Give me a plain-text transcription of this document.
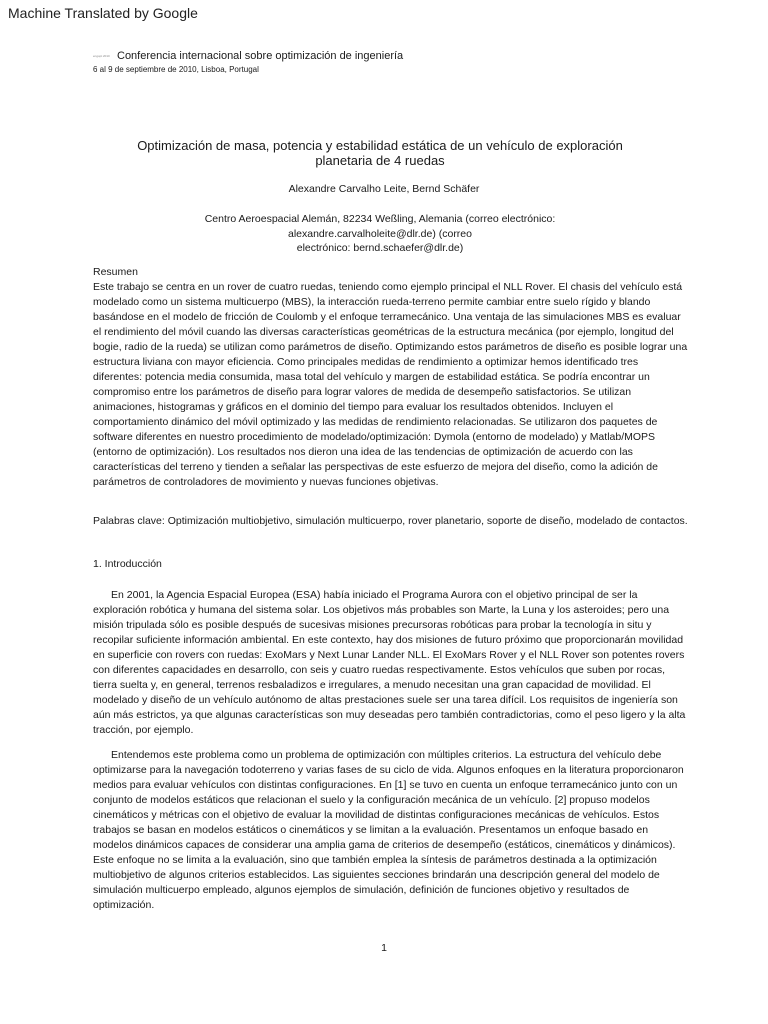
Machine Translated by Google
engopt 2010 Conferencia internacional sobre optimización de ingeniería
6 al 9 de septiembre de 2010, Lisboa, Portugal
Optimización de masa, potencia y estabilidad estática de un vehículo de exploración
planetaria de 4 ruedas
Alexandre Carvalho Leite, Bernd Schäfer
Centro Aeroespacial Alemán, 82234 Weßling, Alemania (correo electrónico:
alexandre.carvalholeite@dlr.de) (correo
electrónico: bernd.schaefer@dlr.de)

Resumen

Este trabajo se centra en un rover de cuatro ruedas, teniendo como ejemplo principal el NLL Rover. El chasis del vehículo está modelado como un sistema multicuerpo (MBS), la interacción rueda-terreno permite cambiar entre suelo rígido y blando basándose en el modelo de fricción de Coulomb y el enfoque terramecánico. Una ventaja de las simulaciones MBS es evaluar el rendimiento del móvil cuando las diversas características geométricas de la estructura mecánica (por ejemplo, longitud del bogie, radio de la rueda) se utilizan como parámetros de diseño. Optimizando estos parámetros de diseño es posible lograr una estructura liviana con mayor eficiencia. Como principales medidas de rendimiento a optimizar hemos identificado tres diferentes: potencia media consumida, masa total del vehículo y margen de estabilidad estática. Se podría encontrar un compromiso entre los parámetros de diseño para lograr valores de medida de desempeño satisfactorios. Se utilizan animaciones, histogramas y gráficos en el dominio del tiempo para evaluar los resultados obtenidos. Incluyen el comportamiento dinámico del móvil optimizado y las medidas de rendimiento relacionadas. Se utilizaron dos paquetes de software diferentes en nuestro procedimiento de modelado/optimización: Dymola (entorno de modelado) y Matlab/MOPS (entorno de optimización). Los resultados nos dieron una idea de las tendencias de optimización de acuerdo con las características del terreno y tienden a señalar las perspectivas de este esfuerzo de mejora del diseño, como la adición de parámetros de controladores de movimiento y nuevas funciones objetivas.

Palabras clave: Optimización multiobjetivo, simulación multicuerpo, rover planetario, soporte de diseño, modelado de contactos.

1. Introducción

En 2001, la Agencia Espacial Europea (ESA) había iniciado el Programa Aurora con el objetivo principal de ser la exploración robótica y humana del sistema solar. Los objetivos más probables son Marte, la Luna y los asteroides; pero una misión tripulada sólo es posible después de sucesivas misiones precursoras robóticas para probar la tecnología in situ y recopilar suficiente información ambiental. En este contexto, hay dos misiones de futuro próximo que proporcionarán movilidad en superficie con rovers con ruedas: ExoMars y Next Lunar Lander NLL. El ExoMars Rover y el NLL Rover son potentes rovers con diferentes capacidades en desarrollo, con seis y cuatro ruedas respectivamente. Estos vehículos que suben por rocas, tierra suelta y, en general, terrenos resbaladizos e irregulares, a menudo necesitan una gran capacidad de movilidad. El modelado y diseño de un vehículo autónomo de altas prestaciones suele ser una tarea difícil. Los requisitos de ingeniería son aún más estrictos, ya que algunas características son muy deseadas pero también contradictorias, como el peso ligero y la alta tracción, por ejemplo.

Entendemos este problema como un problema de optimización con múltiples criterios. La estructura del vehículo debe optimizarse para la navegación todoterreno y varias fases de su ciclo de vida. Algunos enfoques en la literatura proporcionaron medios para evaluar vehículos con distintas configuraciones. En [1] se tuvo en cuenta un enfoque terramecánico junto con un conjunto de modelos estáticos que relacionan el suelo y la configuración mecánica de un vehículo. [2] propuso modelos cinemáticos y métricas con el objetivo de evaluar la movilidad de distintas configuraciones mecánicas de vehículos. Estos trabajos se basan en modelos estáticos o cinemáticos y se limitan a la evaluación. Presentamos un enfoque basado en modelos dinámicos capaces de considerar una amplia gama de criterios de desempeño (estáticos, cinemáticos y dinámicos). Este enfoque no se limita a la evaluación, sino que también emplea la síntesis de parámetros destinada a la optimización multiobjetivo de algunos criterios establecidos. Las siguientes secciones brindarán una descripción general del modelo de simulación multicuerpo empleado, algunos ejemplos de simulación, definición de funciones objetivo y resultados de optimización.

1
